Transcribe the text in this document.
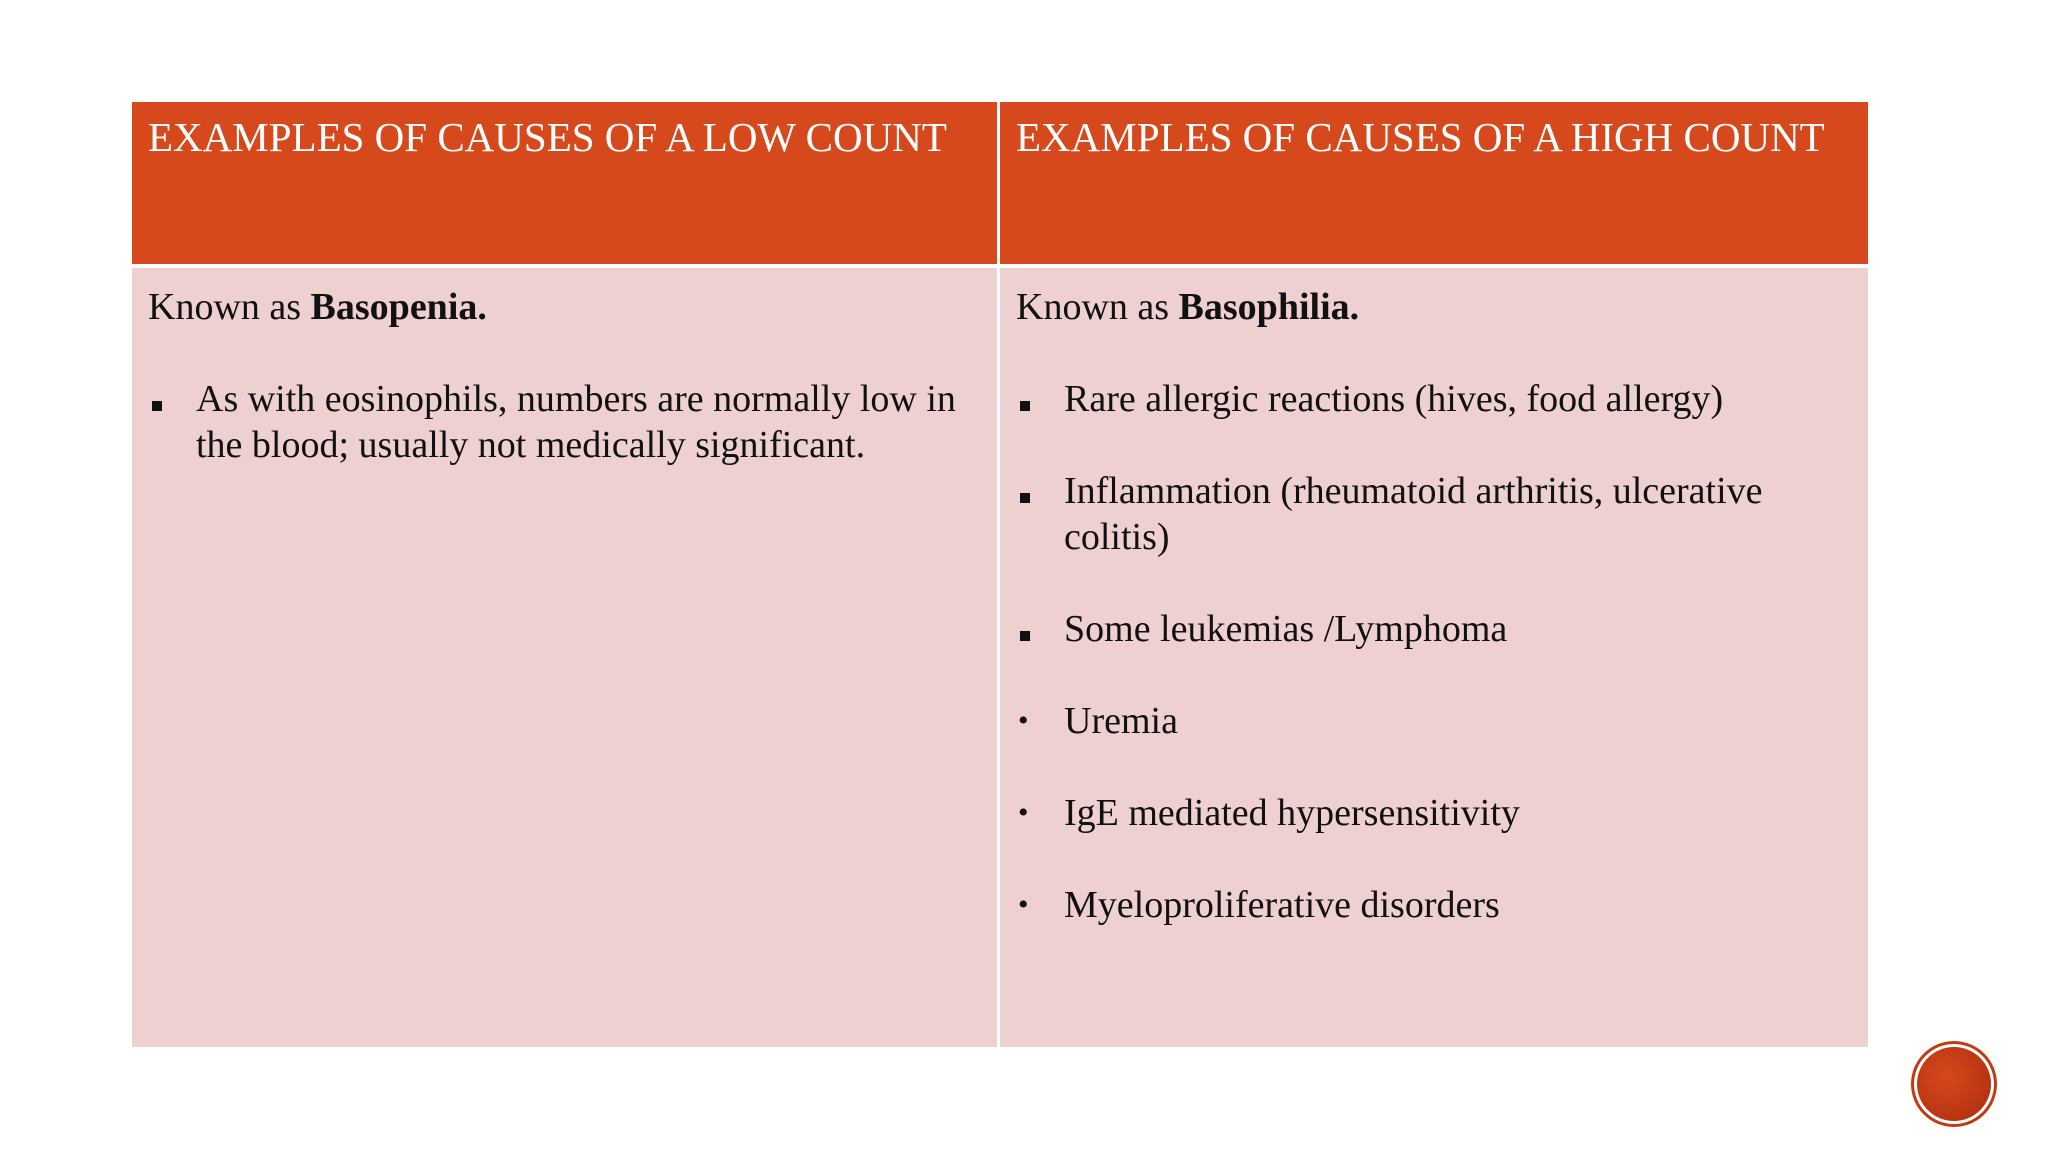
EXAMPLES OF CAUSES OF A LOW COUNT	EXAMPLES OF CAUSES OF A HIGH COUNT
Known as Basopenia.
As with eosinophils, numbers are normally low in the blood; usually not medically significant.
Known as Basophilia.
Rare allergic reactions (hives, food allergy)
Inflammation (rheumatoid arthritis, ulcerative colitis)
Some leukemias /Lymphoma
• Uremia
• IgE mediated hypersensitivity
• Myeloproliferative disorders
